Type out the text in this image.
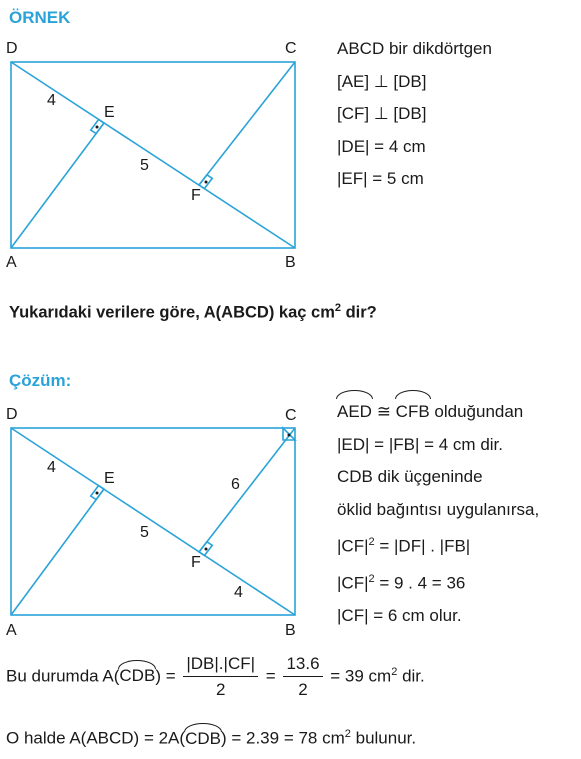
ÖRNEK
D	C
A	B
E
F
4
5
ABCD bir dikdörtgen
[AE] ⊥ [DB]
[CF] ⊥ [DB]
|DE| = 4 cm
|EF| = 5 cm
Yukarıdaki verilere göre, A(ABCD) kaç $cm^2$ dir?
Çözüm:
D	C
A	B
E
F
4
5
6
4
AED ≅ CFB olduğundan
|ED| = |FB| = 4 cm dir.
CDB dik üçgeninde
öklid bağıntısı uygulanırsa,
$|CF|^2 = |DF|$ . |FB|
$|CF|^2 = 9$ . 4 = 36
|CF| = 6 cm olur.
Bu durumda $A(CDB) = \frac{|DB|.|CF|}{2} = \frac{13.6}{2} = 39$ $cm^2$ dir.
O halde A(ABCD) = 2A(CDB) = 2.39 = 78 $cm^2$ bulunur.
